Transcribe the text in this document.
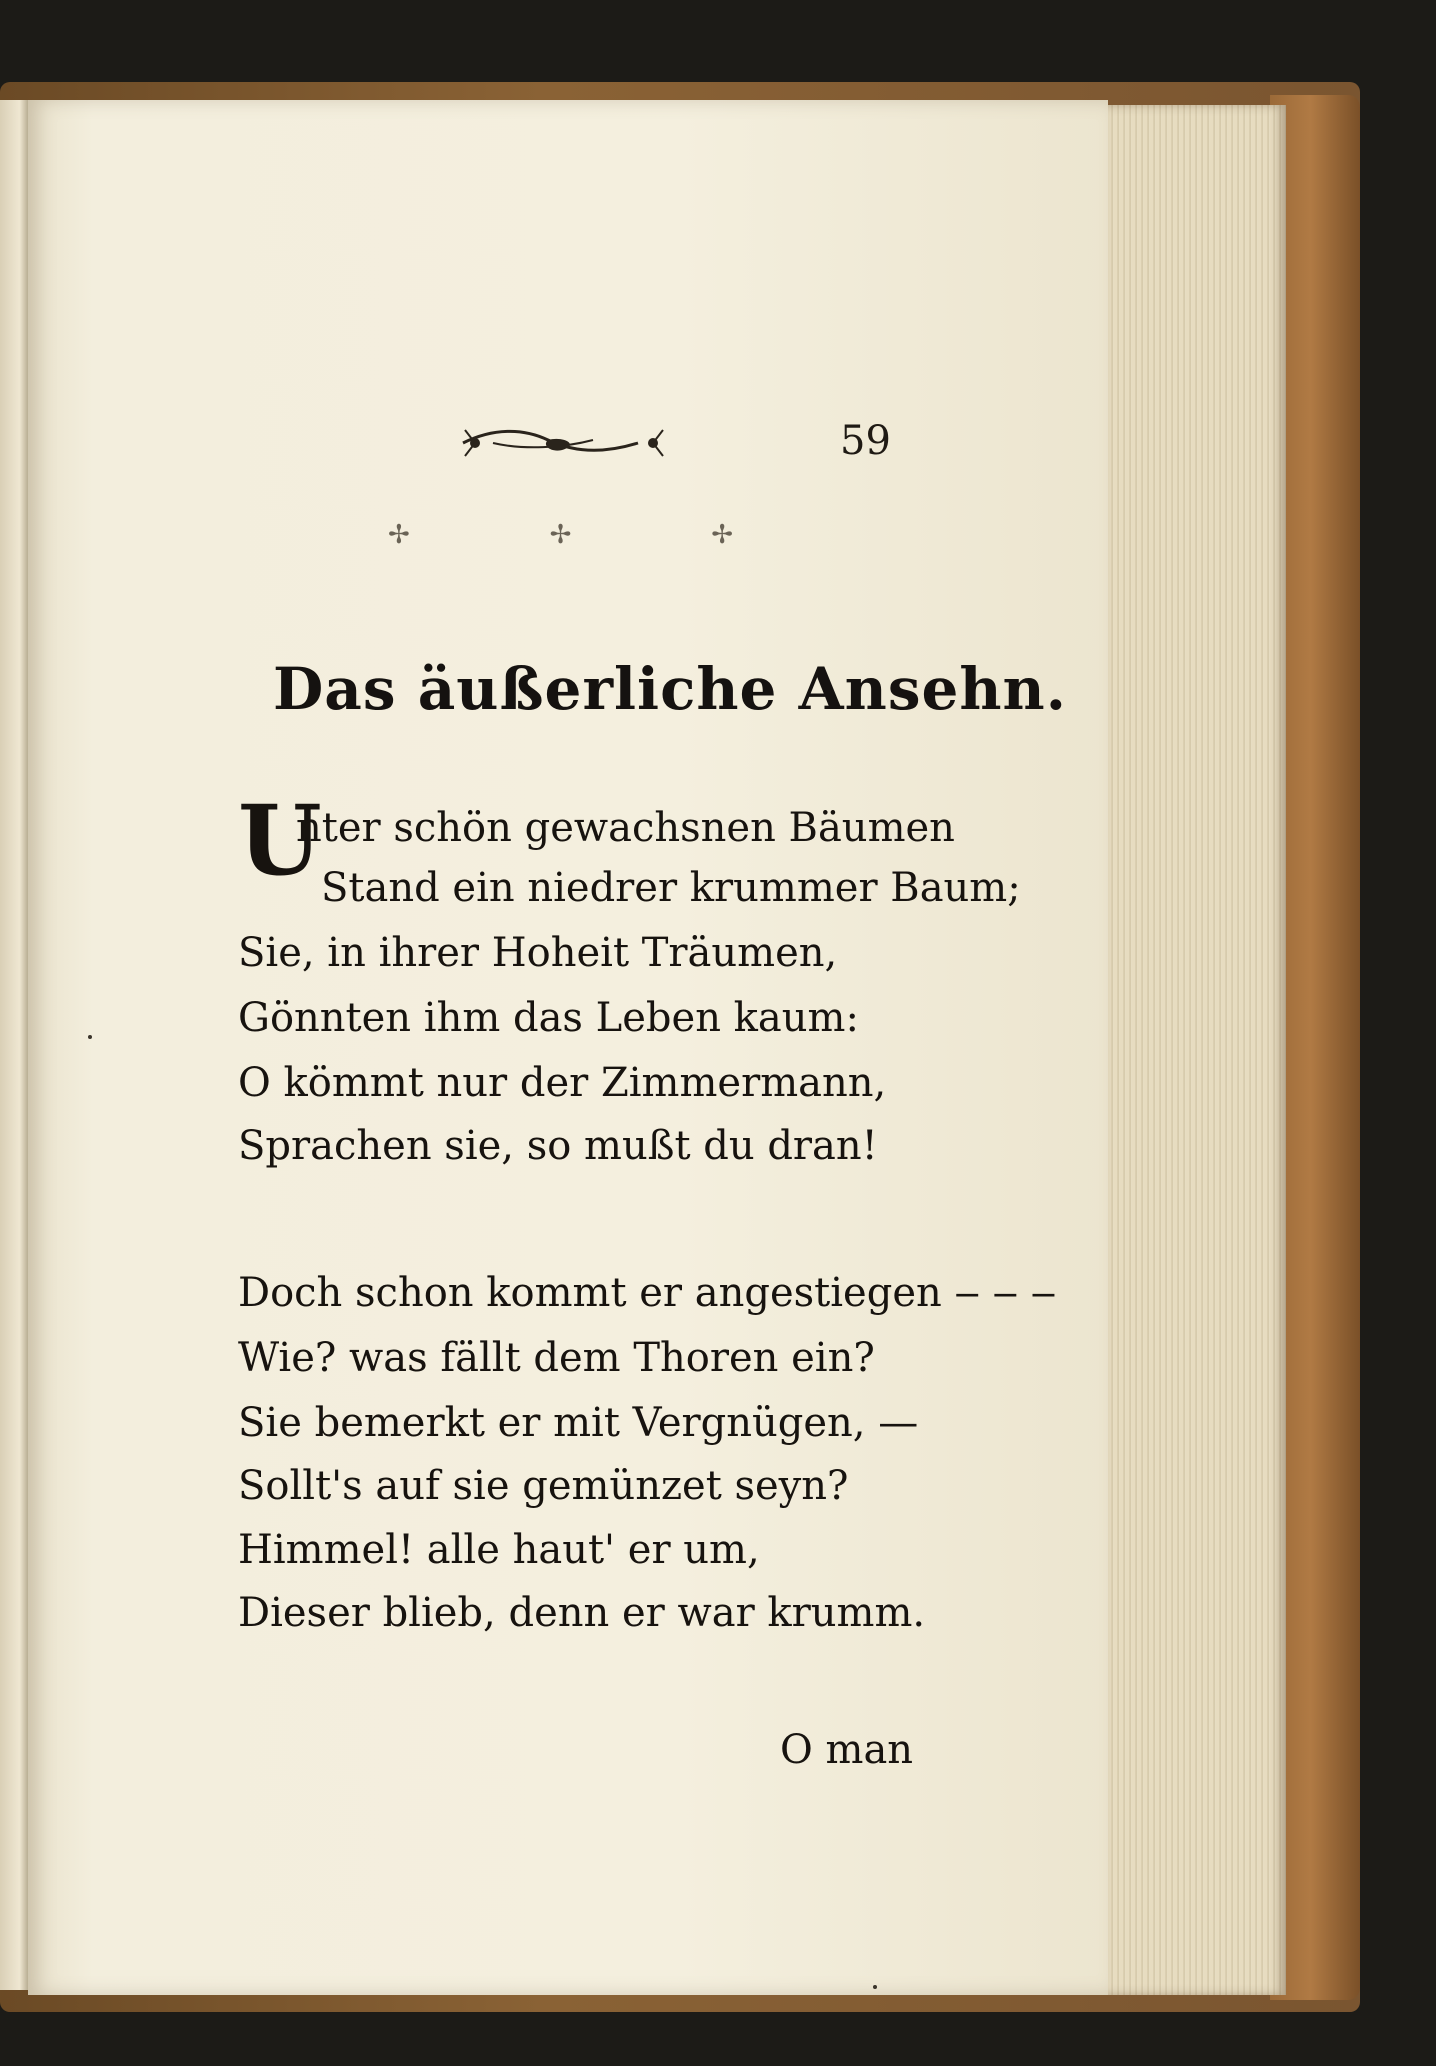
59
✢	✢	✢
Das äußerliche Ansehn.
U
nter schön gewachsnen Bäumen
Stand ein niedrer krummer Baum;
Sie, in ihrer Hoheit Träumen,
Gönnten ihm das Leben kaum:
O kömmt nur der Zimmermann,
Sprachen sie, so mußt du dran!
Doch schon kommt er angestiegen ‒ ‒ ‒
Wie? was fällt dem Thoren ein?
Sie bemerkt er mit Vergnügen, —
Sollt's auf sie gemünzet seyn?
Himmel! alle haut' er um,
Dieser blieb, denn er war krumm.
O man
